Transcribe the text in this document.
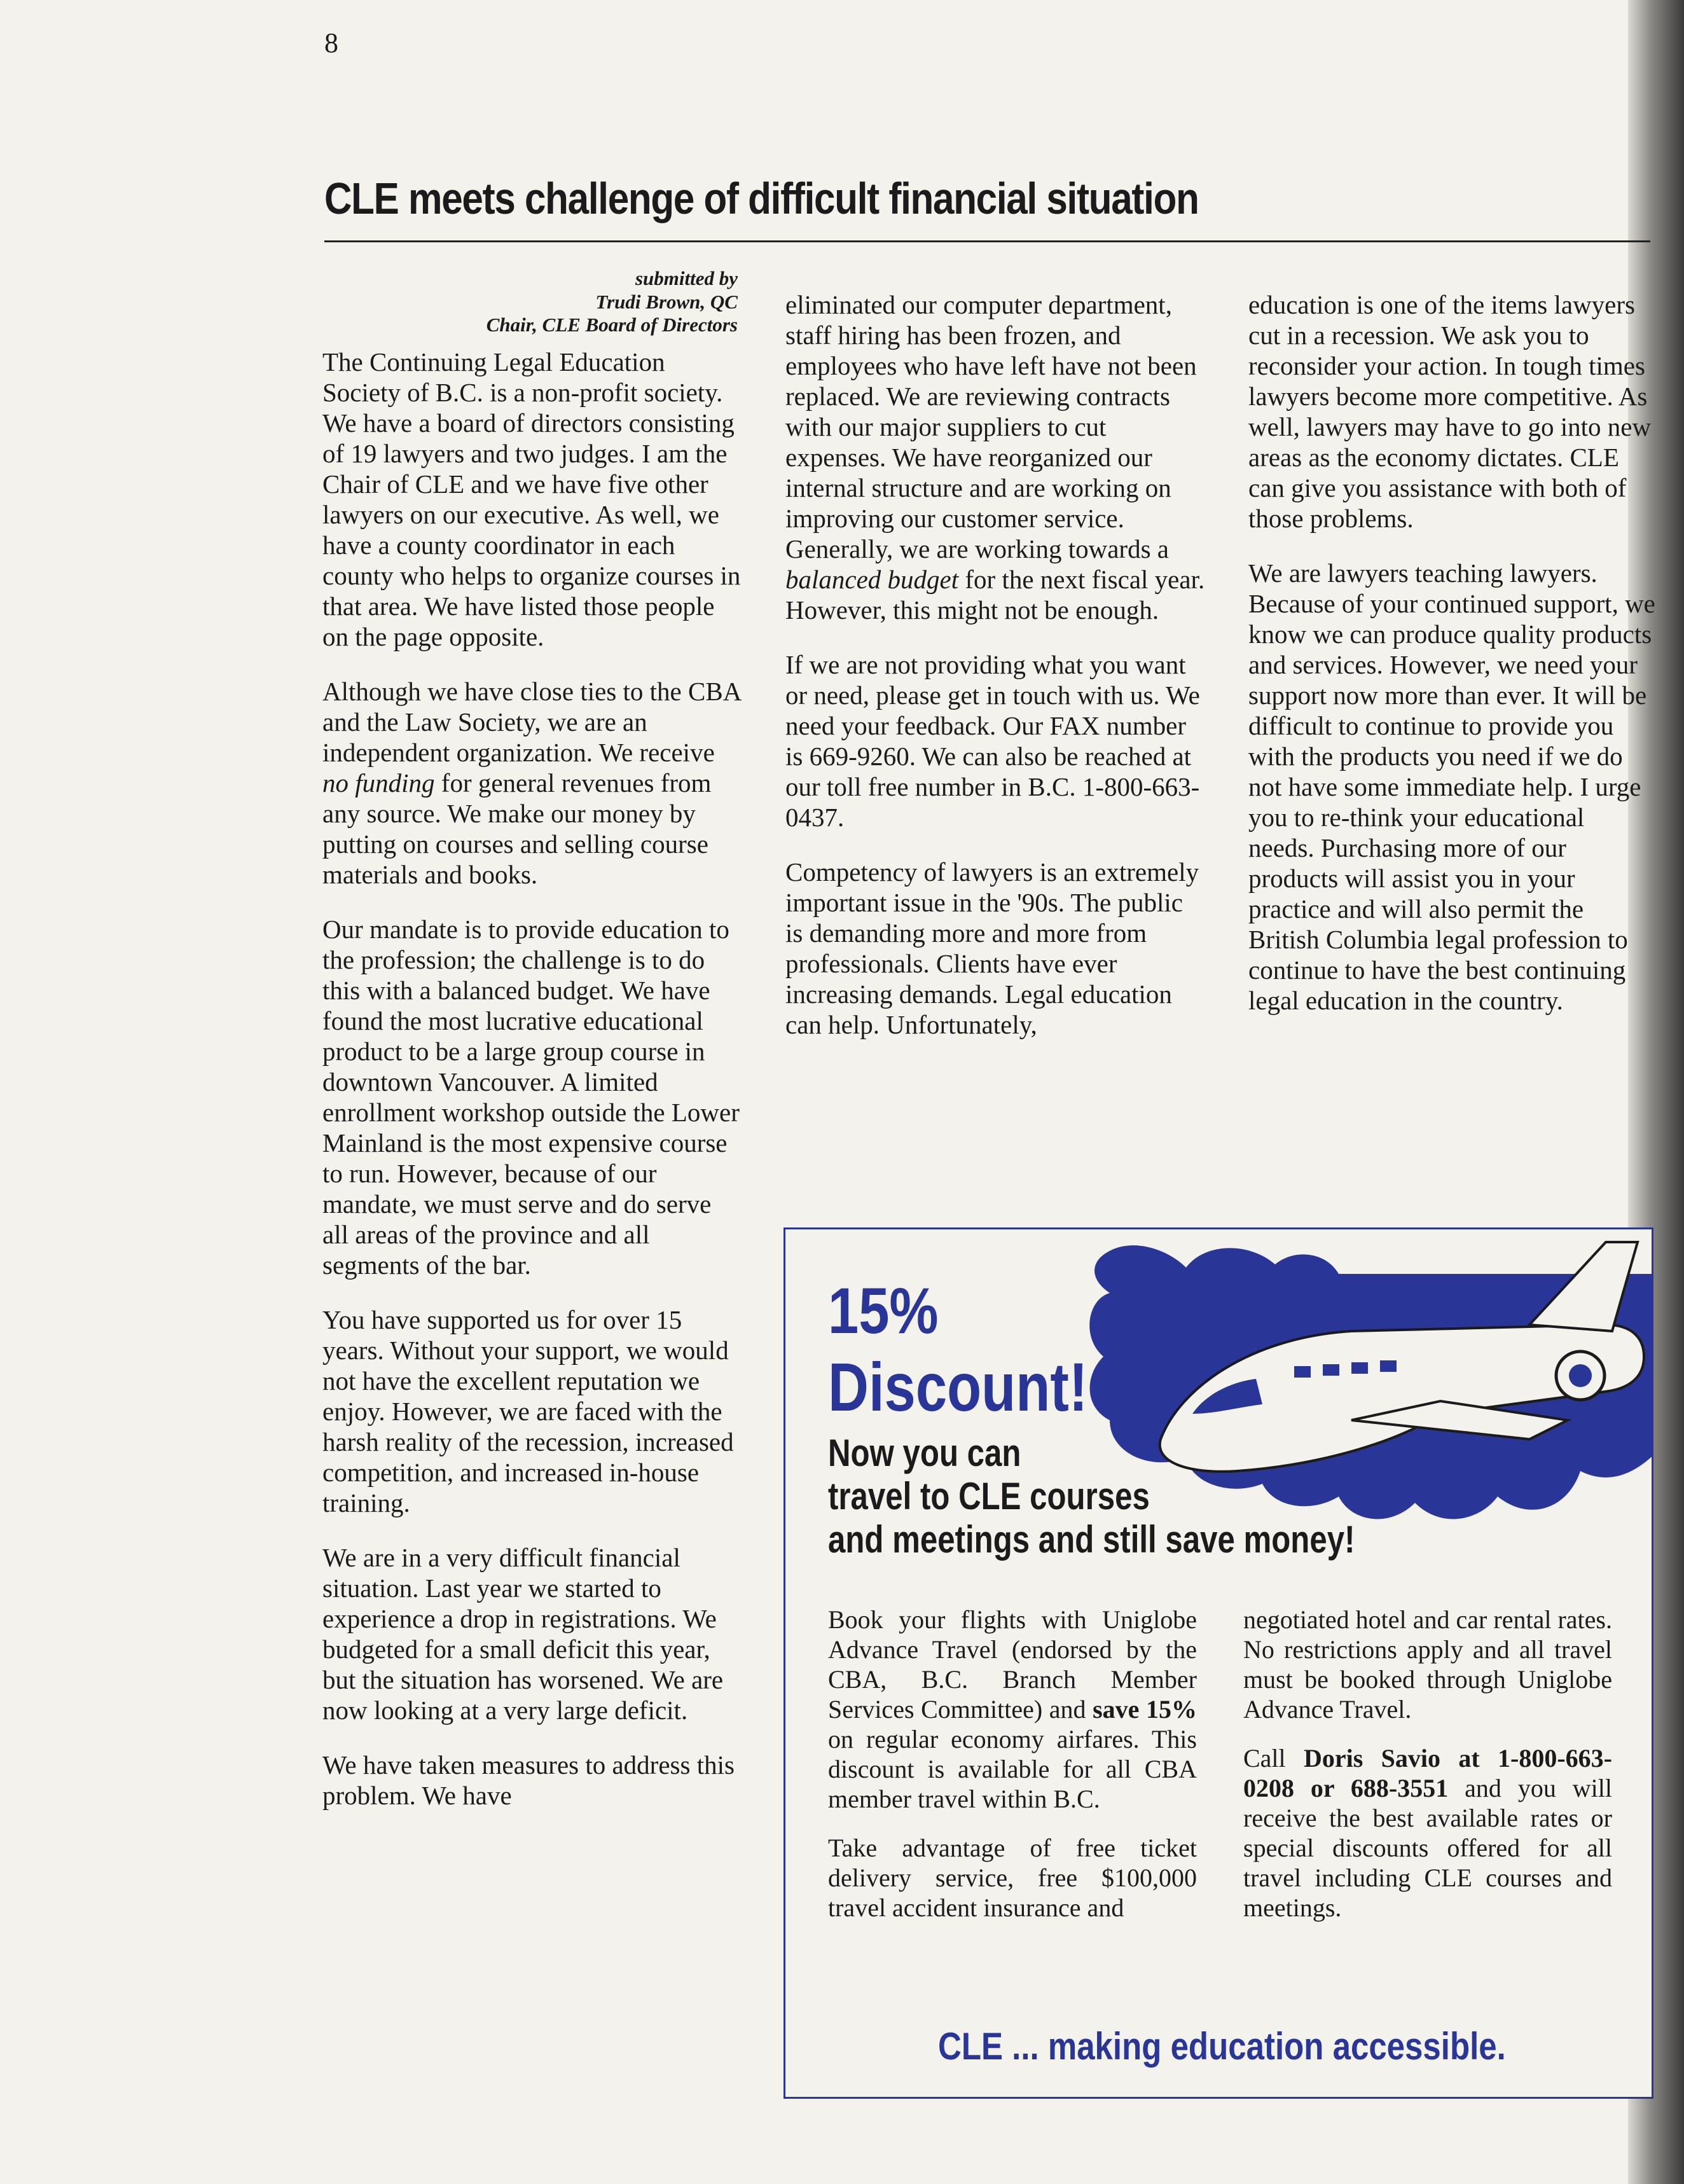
8
CLE meets challenge of difficult financial situation
submitted by
Trudi Brown, QC
Chair, CLE Board of Directors

The Continuing Legal Education Society of B.C. is a non-profit society. We have a board of directors consisting of 19 lawyers and two judges. I am the Chair of CLE and we have five other lawyers on our executive. As well, we have a county coordinator in each county who helps to organize courses in that area. We have listed those people on the page opposite.

Although we have close ties to the CBA and the Law Society, we are an independent organization. We receive no funding for general revenues from any source. We make our money by putting on courses and selling course materials and books.

Our mandate is to provide education to the profession; the challenge is to do this with a balanced budget. We have found the most lucrative educational product to be a large group course in downtown Vancouver. A limited enrollment workshop outside the Lower Mainland is the most expensive course to run. However, because of our mandate, we must serve and do serve all areas of the province and all segments of the bar.

You have supported us for over 15 years. Without your support, we would not have the excellent reputation we enjoy. However, we are faced with the harsh reality of the recession, increased competition, and increased in-house training.

We are in a very difficult financial situation. Last year we started to experience a drop in registrations. We budgeted for a small deficit this year, but the situation has worsened. We are now looking at a very large deficit.

We have taken measures to address this problem. We have

eliminated our computer department, staff hiring has been frozen, and employees who have left have not been replaced. We are reviewing contracts with our major suppliers to cut expenses. We have reorganized our internal structure and are working on improving our customer service. Generally, we are working towards a balanced budget for the next fiscal year. However, this might not be enough.

If we are not providing what you want or need, please get in touch with us. We need your feedback. Our FAX number is 669-9260. We can also be reached at our toll free number in B.C. 1-800-663-0437.

Competency of lawyers is an extremely important issue in the '90s. The public is demanding more and more from professionals. Clients have ever increasing demands. Legal education can help. Unfortunately,

education is one of the items lawyers cut in a recession. We ask you to reconsider your action. In tough times lawyers become more competitive. As well, lawyers may have to go into new areas as the economy dictates. CLE can give you assistance with both of those problems.

We are lawyers teaching lawyers. Because of your continued support, we know we can produce quality products and services. However, we need your support now more than ever. It will be difficult to continue to provide you with the products you need if we do not have some immediate help. I urge you to re-think your educational needs. Purchasing more of our products will assist you in your practice and will also permit the British Columbia legal profession to continue to have the best continuing legal education in the country.

15%
Discount!
Now you can
travel to CLE courses
and meetings and still save money!

Book your flights with Uniglobe Advance Travel (endorsed by the CBA, B.C. Branch Member Services Committee) and save 15% on regular economy airfares. This discount is available for all CBA member travel within B.C.

Take advantage of free ticket delivery service, free $100,000 travel accident insurance and

negotiated hotel and car rental rates. No restrictions apply and all travel must be booked through Uniglobe Advance Travel.

Call Doris Savio at 1-800-663-0208 or 688-3551 and you will receive the best available rates or special discounts offered for all travel including CLE courses and meetings.

CLE ... making education accessible.
